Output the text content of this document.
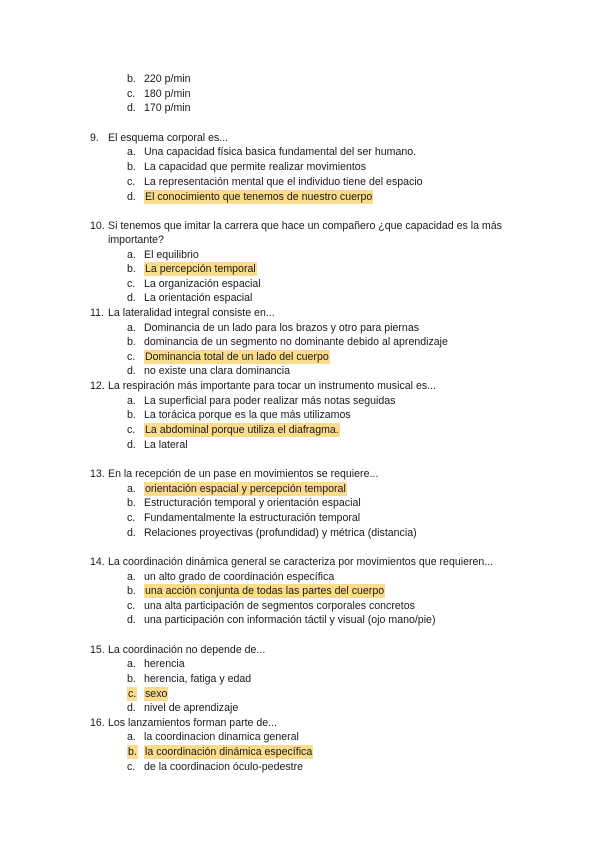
b. 220 p/min
c. 180 p/min
d. 170 p/min
9. El esquema corporal es...
a. Una capacidad física basica fundamental del ser humano.
b. La capacidad que permite realizar movimientos
c. La representación mental que el individuo tiene del espacio
d. El conocimiento que tenemos de nuestro cuerpo
10. Si tenemos que imitar la carrera que hace un compañero ¿que capacidad es la más
importante?
a. El equilibrio
b. La percepción temporal
c. La organización espacial
d. La orientación espacial
11. La lateralidad integral consiste en...
a. Dominancia de un lado para los brazos y otro para piernas
b. dominancia de un segmento no dominante debido al aprendizaje
c. Dominancia total de un lado del cuerpo
d. no existe una clara dominancia
12. La respiración más importante para tocar un instrumento musical es...
a. La superficial para poder realizar más notas seguidas
b. La torácica porque es la que más utilizamos
c. La abdominal porque utiliza el diafragma.
d. La lateral
13. En la recepción de un pase en movimientos se requiere...
a. orientación espacial y percepción temporal
b. Estructuración temporal y orientación espacial
c. Fundamentalmente la estructuración temporal
d. Relaciones proyectivas (profundidad) y métrica (distancia)
14. La coordinación dinámica general se caracteriza por movimientos que requieren...
a. un alto grado de coordinación específica
b. una acción conjunta de todas las partes del cuerpo
c. una alta participación de segmentos corporales concretos
d. una participación con información táctil y visual (ojo mano/pie)
15. La coordinación no depende de...
a. herencia
b. herencia, fatiga y edad
c. sexo
d. nivel de aprendizaje
16. Los lanzamientos forman parte de...
a. la coordinacion dinamica general
b. la coordinación dinámica específica
c. de la coordinacion óculo-pedestre
